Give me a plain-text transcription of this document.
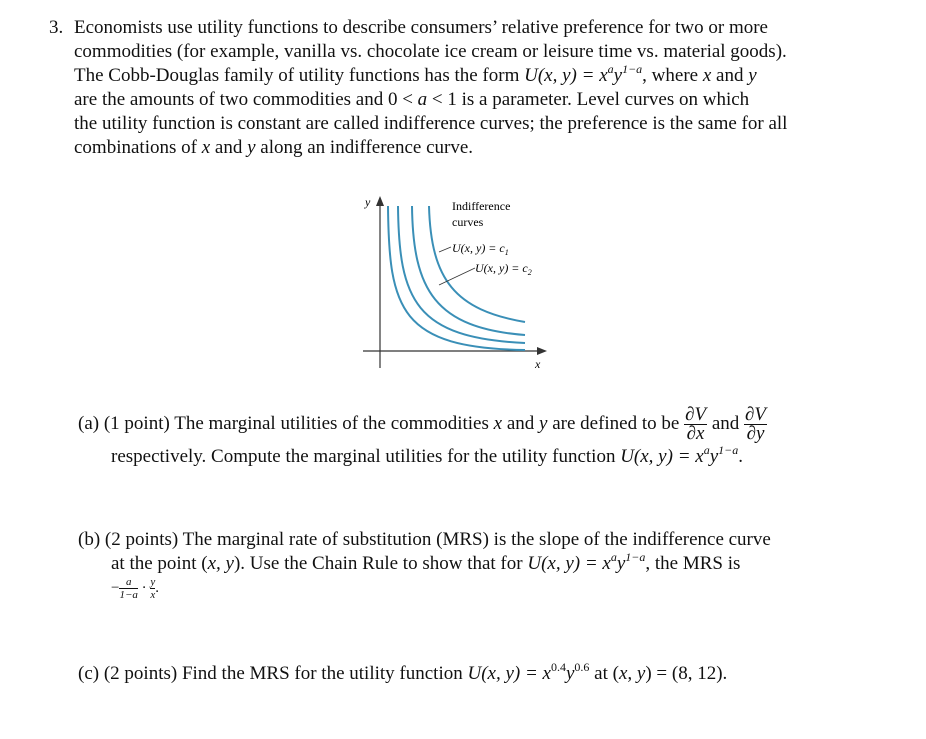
3. Economists use utility functions to describe consumers’ relative preference for two or more
commodities (for example, vanilla vs. chocolate ice cream or leisure time vs. material goods).
The Cobb-Douglas family of utility functions has the form U(x, $y) = x^ay^{1-a}$, where x and y
are the amounts of two commodities and 0 < a < 1 is a parameter. Level curves on which
the utility function is constant are called indifference curves; the preference is the same for all
combinations of x and y along an indifference curve.
y
x
Indifference
curves
U(x, $y) = c_1$
U(x, $y) = c_2$
(a) (1 point) The marginal utilities of the commodities x and y are defined to be $\frac{\partial V}{\partial x}$ and $\frac{\partial V}{\partial y}$
respectively. Compute the marginal utilities for the utility function U(x, $y) = x^ay^{1-a}$.
(b) (2 points) The marginal rate of substitution (MRS) is the slope of the indifference curve
at the point (x, y). Use the Chain Rule to show that for U(x, $y) = x^ay^{1-a}$, the MRS is
− $\frac{a}{1-a} \cdot \frac{y}{x}$ .
(c) (2 points) Find the MRS for the utility function U(x, $y) = x^{0.4}y^{0.6}$ at (x, y) = (8, 12).
